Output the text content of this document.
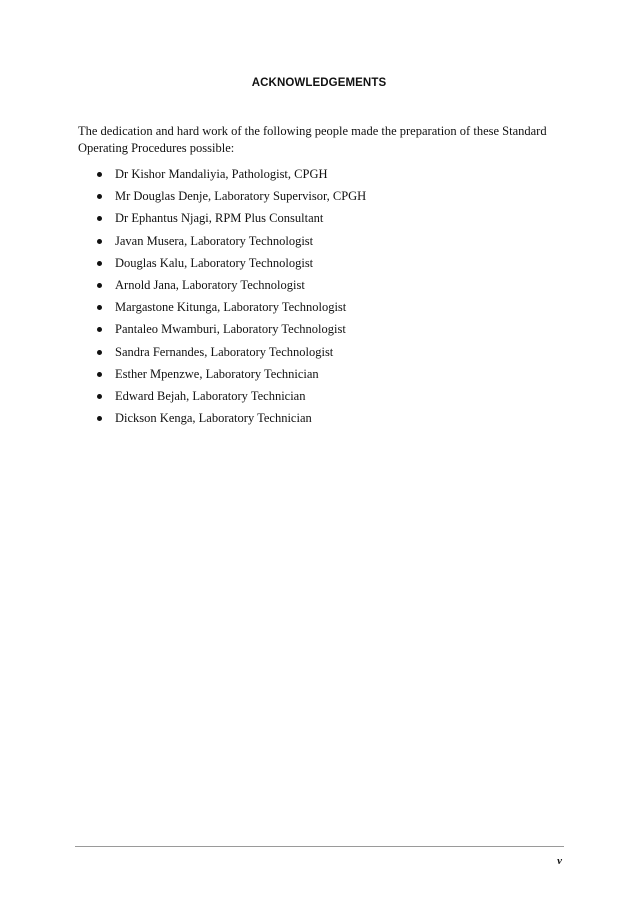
ACKNOWLEDGEMENTS

The dedication and hard work of the following people made the preparation of these Standard Operating Procedures possible:

Dr Kishor Mandaliyia, Pathologist, CPGH
Mr Douglas Denje, Laboratory Supervisor, CPGH
Dr Ephantus Njagi, RPM Plus Consultant
Javan Musera, Laboratory Technologist
Douglas Kalu, Laboratory Technologist
Arnold Jana, Laboratory Technologist
Margastone Kitunga, Laboratory Technologist
Pantaleo Mwamburi, Laboratory Technologist
Sandra Fernandes, Laboratory Technologist
Esther Mpenzwe, Laboratory Technician
Edward Bejah, Laboratory Technician
Dickson Kenga, Laboratory Technician
v
